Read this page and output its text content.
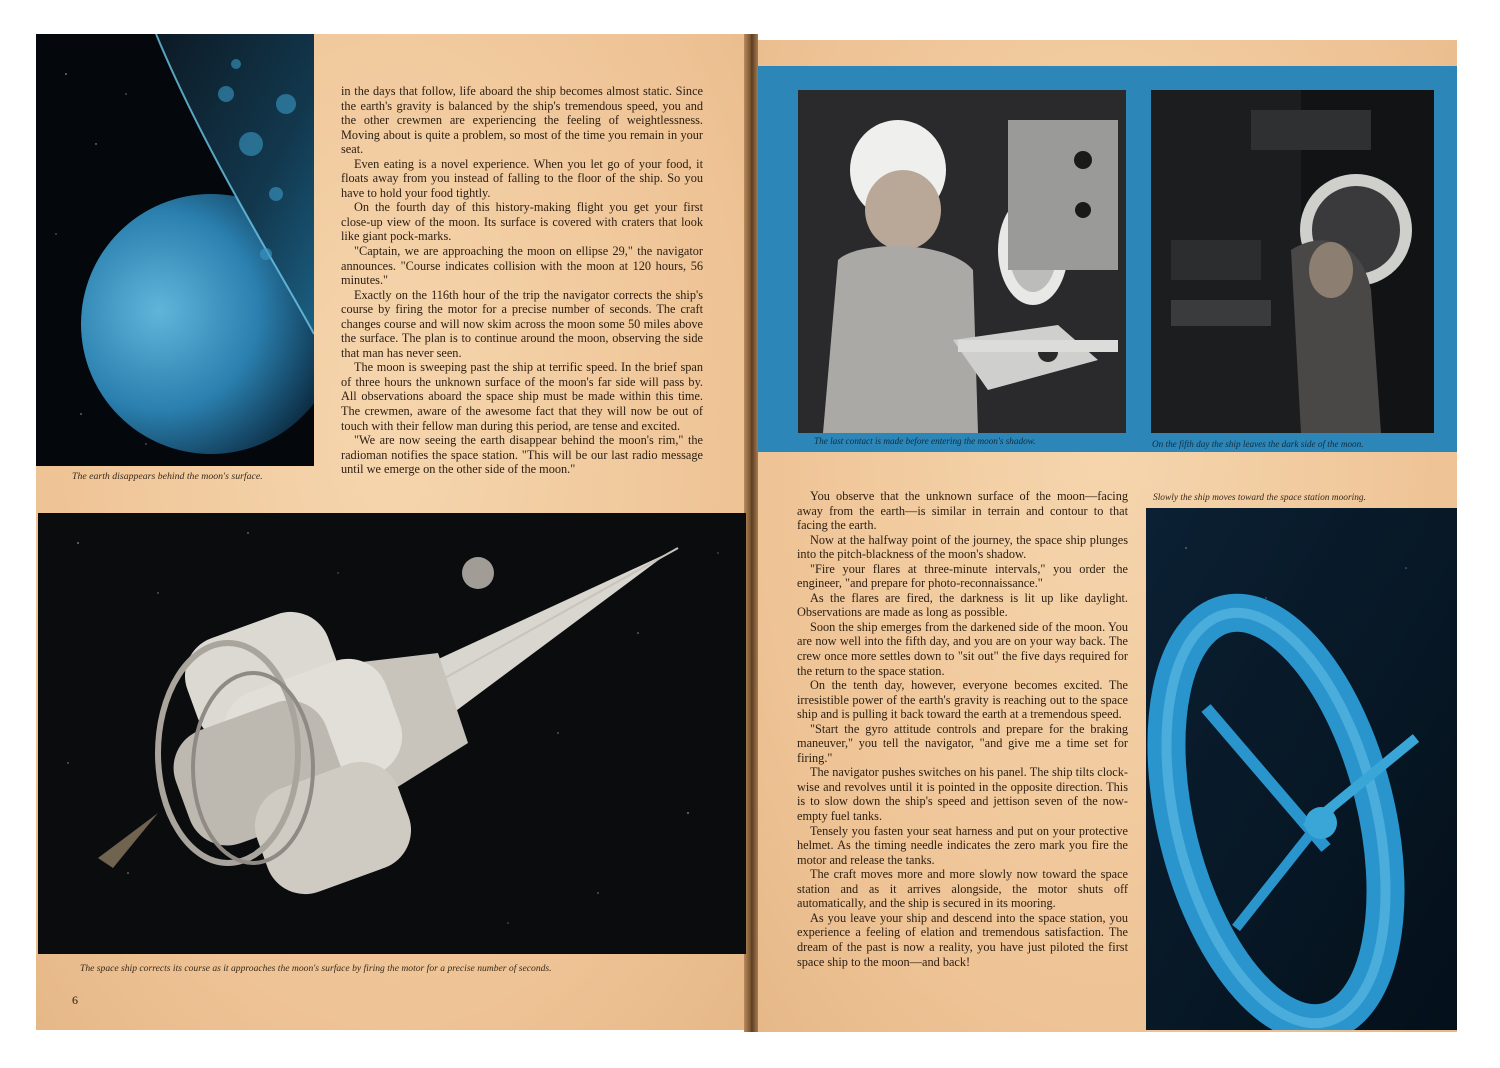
The earth disappears behind the moon's surface.

in the days that follow, life aboard the ship becomes almost static. Since the earth's gravity is balanced by the ship's tremendous speed, you and the other crewmen are experiencing the feeling of weightlessness. Moving about is quite a problem, so most of the time you remain in your seat.

Even eating is a novel experience. When you let go of your food, it floats away from you instead of falling to the floor of the ship. So you have to hold your food tightly.

On the fourth day of this history-making flight you get your first close-up view of the moon. Its surface is covered with craters that look like giant pock-marks.

"Captain, we are approaching the moon on ellipse 29," the navigator announces. "Course indicates collision with the moon at 120 hours, 56 minutes."

Exactly on the 116th hour of the trip the navigator corrects the ship's course by firing the motor for a precise number of seconds. The craft changes course and will now skim across the moon some 50 miles above the surface. The plan is to continue around the moon, observing the side that man has never seen.

The moon is sweeping past the ship at terrific speed. In the brief span of three hours the unknown surface of the moon's far side will pass by. All observations aboard the space ship must be made within this time. The crewmen, aware of the awesome fact that they will now be out of touch with their fellow man during this period, are tense and excited.

"We are now seeing the earth disappear behind the moon's rim," the radioman notifies the space station. "This will be our last radio message until we emerge on the other side of the moon."

The space ship corrects its course as it approaches the moon's surface by firing the motor for a precise number of seconds.
6
The last contact is made before entering the moon's shadow.	On the fifth day the ship leaves the dark side of the moon.

You observe that the unknown surface of the moon—facing away from the earth—is similar in terrain and contour to that facing the earth.

Now at the halfway point of the journey, the space ship plunges into the pitch-blackness of the moon's shadow.

"Fire your flares at three-minute intervals," you order the engineer, "and prepare for photo-reconnaissance."

As the flares are fired, the darkness is lit up like daylight. Observations are made as long as possible.

Soon the ship emerges from the darkened side of the moon. You are now well into the fifth day, and you are on your way back. The crew once more settles down to "sit out" the five days required for the return to the space station.

On the tenth day, however, everyone becomes excited. The irresistible power of the earth's gravity is reaching out to the space ship and is pulling it back toward the earth at a tremendous speed.

"Start the gyro attitude controls and prepare for the braking maneuver," you tell the navigator, "and give me a time set for firing."

The navigator pushes switches on his panel. The ship tilts clock-wise and revolves until it is pointed in the opposite direction. This is to slow down the ship's speed and jettison seven of the now-empty fuel tanks.

Tensely you fasten your seat harness and put on your protective helmet. As the timing needle indicates the zero mark you fire the motor and release the tanks.

The craft moves more and more slowly now toward the space station and as it arrives alongside, the motor shuts off automatically, and the ship is secured in its mooring.

As you leave your ship and descend into the space station, you experience a feeling of elation and tremendous satisfaction. The dream of the past is now a reality, you have just piloted the first space ship to the moon—and back!

Slowly the ship moves toward the space station mooring.
